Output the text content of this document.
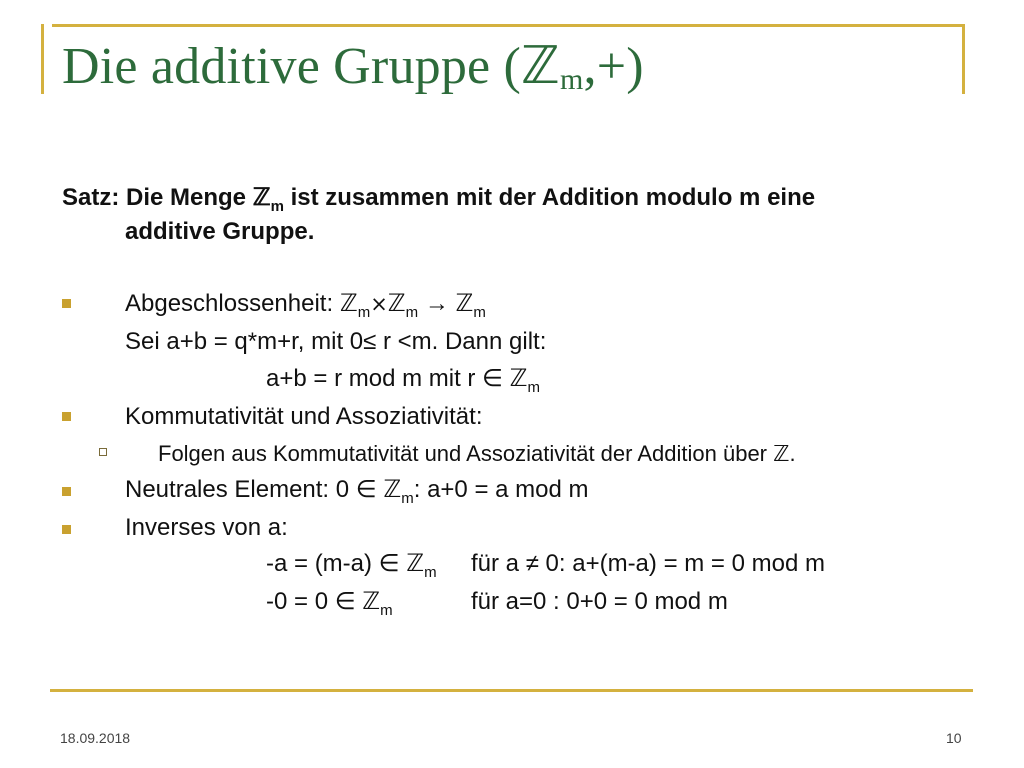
Die additive Gruppe (ℤm,+)
Satz: Die Menge ℤ$_m$ ist zusammen mit der Addition modulo m eine
additive Gruppe.
Abgeschlossenheit: ℤ$_m$×ℤ$_m$ → ℤ$_m$
Sei a+b = q*m+r, mit 0≤ r <m. Dann gilt:
a+b = r mod m mit r ∈ ℤ$_m$
Kommutativität und Assoziativität:
Folgen aus Kommutativität und Assoziativität der Addition über ℤ.
Neutrales Element: 0 ∈ ℤ$_m$: a+0 = a mod m
Inverses von a:
-a = (m-a) ∈ ℤ$_m$ für a ≠ 0: a+(m-a) = m = 0 mod m
-0 = 0 ∈ ℤ$_m$	für a=0 : 0+0 = 0 mod m
18.09.2018	10
